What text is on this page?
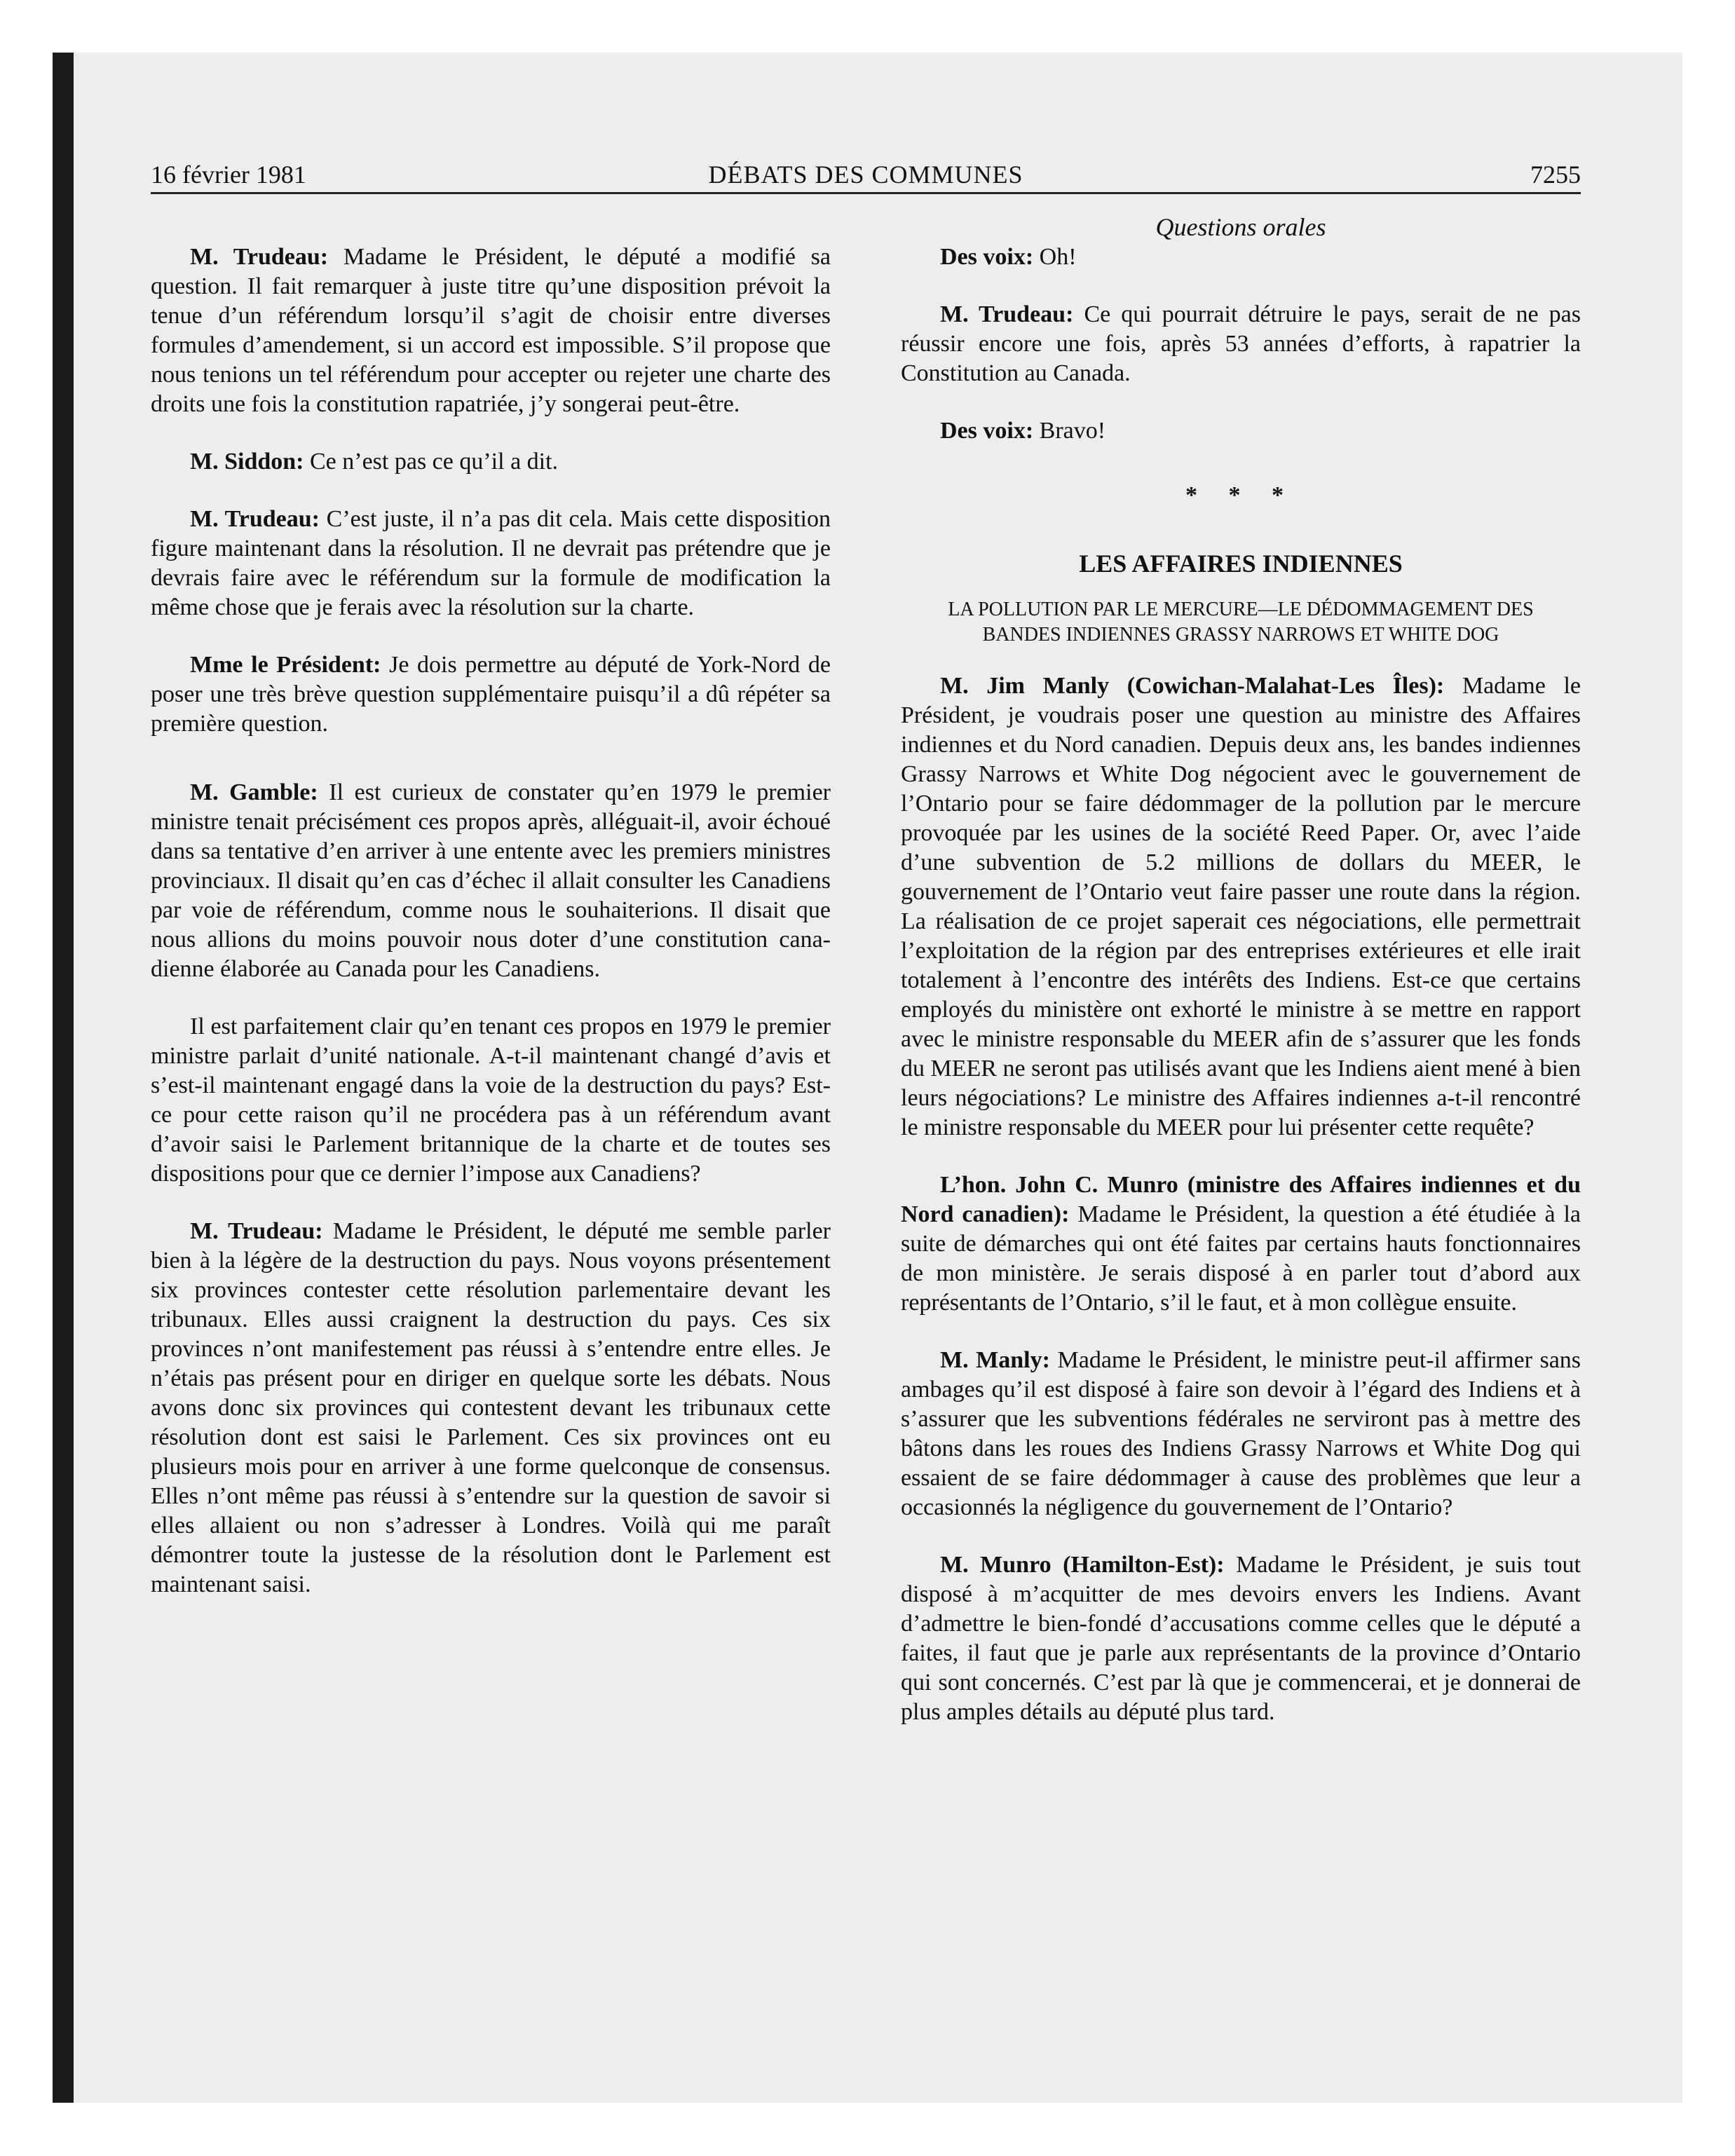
16 février 1981	DÉBATS DES COMMUNES	7255
Questions orales

M. Trudeau: Madame le Président, le député a modifié sa question. Il fait remarquer à juste titre qu’une disposition prévoit la tenue d’un référendum lorsqu’il s’agit de choisir entre diverses formules d’amendement, si un accord est impossible. S’il propose que nous tenions un tel référendum pour accepter ou rejeter une charte des droits une fois la constitution rapatriée, j’y songerai peut-être.

M. Siddon: Ce n’est pas ce qu’il a dit.

M. Trudeau: C’est juste, il n’a pas dit cela. Mais cette disposition figure maintenant dans la résolution. Il ne devrait pas prétendre que je devrais faire avec le référendum sur la formule de modification la même chose que je ferais avec la résolution sur la charte.

Mme le Président: Je dois permettre au député de York-Nord de poser une très brève question supplémentaire puisqu’il a dû répéter sa première question.

M. Gamble: Il est curieux de constater qu’en 1979 le premier ministre tenait précisément ces propos après, alléguait-il, avoir échoué dans sa tentative d’en arriver à une entente avec les premiers ministres provinciaux. Il disait qu’en cas d’échec il allait consulter les Canadiens par voie de référendum, comme nous le souhaiterions. Il disait que nous allions du moins pouvoir nous doter d’une constitution canadienne élaborée au Canada pour les Canadiens.

Il est parfaitement clair qu’en tenant ces propos en 1979 le premier ministre parlait d’unité nationale. A-t-il maintenant changé d’avis et s’est-il maintenant engagé dans la voie de la destruction du pays? Est-ce pour cette raison qu’il ne procédera pas à un référendum avant d’avoir saisi le Parlement britannique de la charte et de toutes ses dispositions pour que ce dernier l’impose aux Canadiens?

M. Trudeau: Madame le Président, le député me semble parler bien à la légère de la destruction du pays. Nous voyons présentement six provinces contester cette résolution parlementaire devant les tribunaux. Elles aussi craignent la destruction du pays. Ces six provinces n’ont manifestement pas réussi à s’entendre entre elles. Je n’étais pas présent pour en diriger en quelque sorte les débats. Nous avons donc six provinces qui contestent devant les tribunaux cette résolution dont est saisi le Parlement. Ces six provinces ont eu plusieurs mois pour en arriver à une forme quelconque de consensus. Elles n’ont même pas réussi à s’entendre sur la question de savoir si elles allaient ou non s’adresser à Londres. Voilà qui me paraît démontrer toute la justesse de la résolution dont le Parlement est maintenant saisi.

Des voix: Oh!

M. Trudeau: Ce qui pourrait détruire le pays, serait de ne pas réussir encore une fois, après 53 années d’efforts, à rapatrier la Constitution au Canada.

Des voix: Bravo!

* * *
LES AFFAIRES INDIENNES
LA POLLUTION PAR LE MERCURE—LE DÉDOMMAGEMENT DES
BANDES INDIENNES GRASSY NARROWS ET WHITE DOG

M. Jim Manly (Cowichan-Malahat-Les Îles): Madame le Président, je voudrais poser une question au ministre des Affaires indiennes et du Nord canadien. Depuis deux ans, les bandes indiennes Grassy Narrows et White Dog négocient avec le gouvernement de l’Ontario pour se faire dédommager de la pollution par le mercure provoquée par les usines de la société Reed Paper. Or, avec l’aide d’une subvention de 5.2 millions de dollars du MEER, le gouvernement de l’Ontario veut faire passer une route dans la région. La réalisation de ce projet saperait ces négociations, elle permettrait l’exploitation de la région par des entreprises extérieures et elle irait totalement à l’encontre des intérêts des Indiens. Est-ce que certains employés du ministère ont exhorté le ministre à se mettre en rapport avec le ministre responsable du MEER afin de s’assurer que les fonds du MEER ne seront pas utilisés avant que les Indiens aient mené à bien leurs négociations? Le ministre des Affaires indiennes a-t-il rencontré le ministre responsable du MEER pour lui présenter cette requête?

L’hon. John C. Munro (ministre des Affaires indiennes et du Nord canadien): Madame le Président, la question a été étudiée à la suite de démarches qui ont été faites par certains hauts fonctionnaires de mon ministère. Je serais disposé à en parler tout d’abord aux représentants de l’Ontario, s’il le faut, et à mon collègue ensuite.

M. Manly: Madame le Président, le ministre peut-il affirmer sans ambages qu’il est disposé à faire son devoir à l’égard des Indiens et à s’assurer que les subventions fédérales ne serviront pas à mettre des bâtons dans les roues des Indiens Grassy Narrows et White Dog qui essaient de se faire dédommager à cause des problèmes que leur a occasionnés la négligence du gouvernement de l’Ontario?

M. Munro (Hamilton-Est): Madame le Président, je suis tout disposé à m’acquitter de mes devoirs envers les Indiens. Avant d’admettre le bien-fondé d’accusations comme celles que le député a faites, il faut que je parle aux représentants de la province d’Ontario qui sont concernés. C’est par là que je commencerai, et je donnerai de plus amples détails au député plus tard.
